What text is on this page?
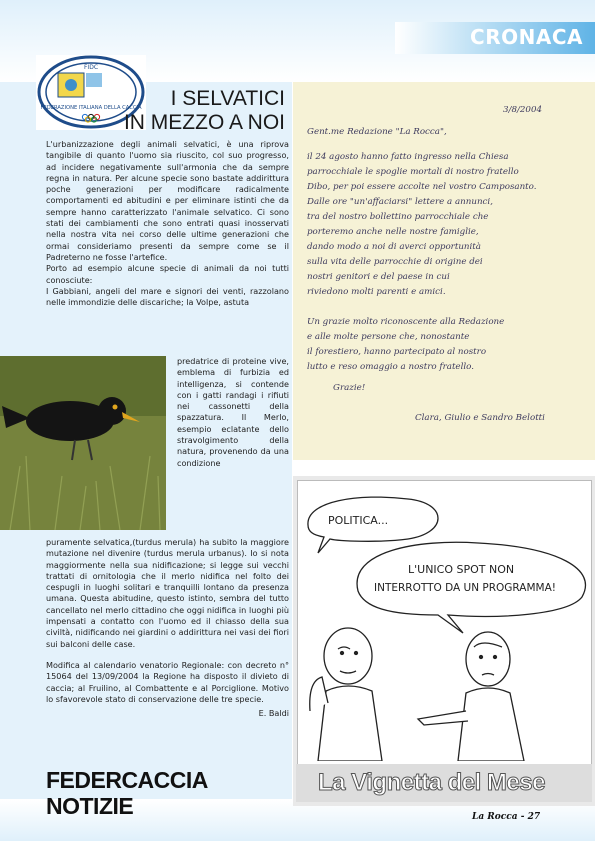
CRONACA
FIDC
FEDERAZIONE ITALIANA DELLA CACCIA	I SELVATICI
IN MEZZO A NOI
L'urbanizzazione degli animali selvatici, è una riprova tangibile di quanto l'uomo sia riuscito, col suo progresso, ad incidere negativamente sull'armonia che da sempre regna in natura. Per alcune specie sono bastate addirittura poche generazioni per modificare radicalmente comportamenti ed abitudini e per eliminare istinti che da sempre hanno caratterizzato l'animale selvatico. Ci sono stati dei cambiamenti che sono entrati quasi inosservati nella nostra vita nei corso delle ultime generazioni che ormai consideriamo presenti da sempre come se il Padreterno ne fosse l'artefice.
Porto ad esempio alcune specie di animali da noi tutti conosciute:
I Gabbiani, angeli del mare e signori dei venti, razzolano nelle immondizie delle discariche; la Volpe, astuta
predatrice di proteine vive, emblema di furbizia ed intelligenza, si contende con i gatti randagi i rifiuti nei cassonetti della spazzatura. Il Merlo, esempio eclatante dello stravolgimento della natura, provenendo da una condizione
puramente selvatica,(turdus merula) ha subito la maggiore mutazione nel divenire (turdus merula urbanus). Io si nota maggiormente nella sua nidificazione; si legge sui vecchi trattati di ornitologia che il merlo nidifica nel folto dei cespugli in luoghi solitari e tranquilli lontano da presenza umana. Questa abitudine, questo istinto, sembra del tutto cancellato nel merlo cittadino che oggi nidifica in luoghi più impensati a contatto con l'uomo ed il chiasso della sua civiltà, nidificando nei giardini o addirittura nei vasi dei fiori sui balconi delle case.
Modifica al calendario venatorio Regionale: con decreto n° 15064 del 13/09/2004 la Regione ha disposto il divieto di caccia; al Fruilino, al Combattente e al Porciglione. Motivo lo sfavorevole stato di conservazione delle tre specie.
E. Baldi
FEDERCACCIA NOTIZIE
3/8/2004
Gent.me Redazione "La Rocca",
il 24 agosto hanno fatto ingresso nella Chiesa
parrocchiale le spoglie mortali di nostro fratello
Dibo, per poi essere accolte nel vostro Camposanto.
Dalle ore "un'affaciarsi" lettere a annunci,
tra del nostro bollettino parrocchiale che
porteremo anche nelle nostre famiglie,
dando modo a noi di averci opportunità
sulla vita delle parrocchie di origine dei
nostri genitori e del paese in cui
riviedono molti parenti e amici.
Un grazie molto riconoscente alla Redazione
e alle molte persone che, nonostante
il forestiero, hanno partecipato al nostro
lutto e reso omaggio a nostro fratello.
Grazie!
Clara, Giulio e Sandro Belotti
POLITICA...
L'UNICO SPOT NON
INTERROTTO DA UN PROGRAMMA!
La Vignetta del Mese
La Rocca - 27
